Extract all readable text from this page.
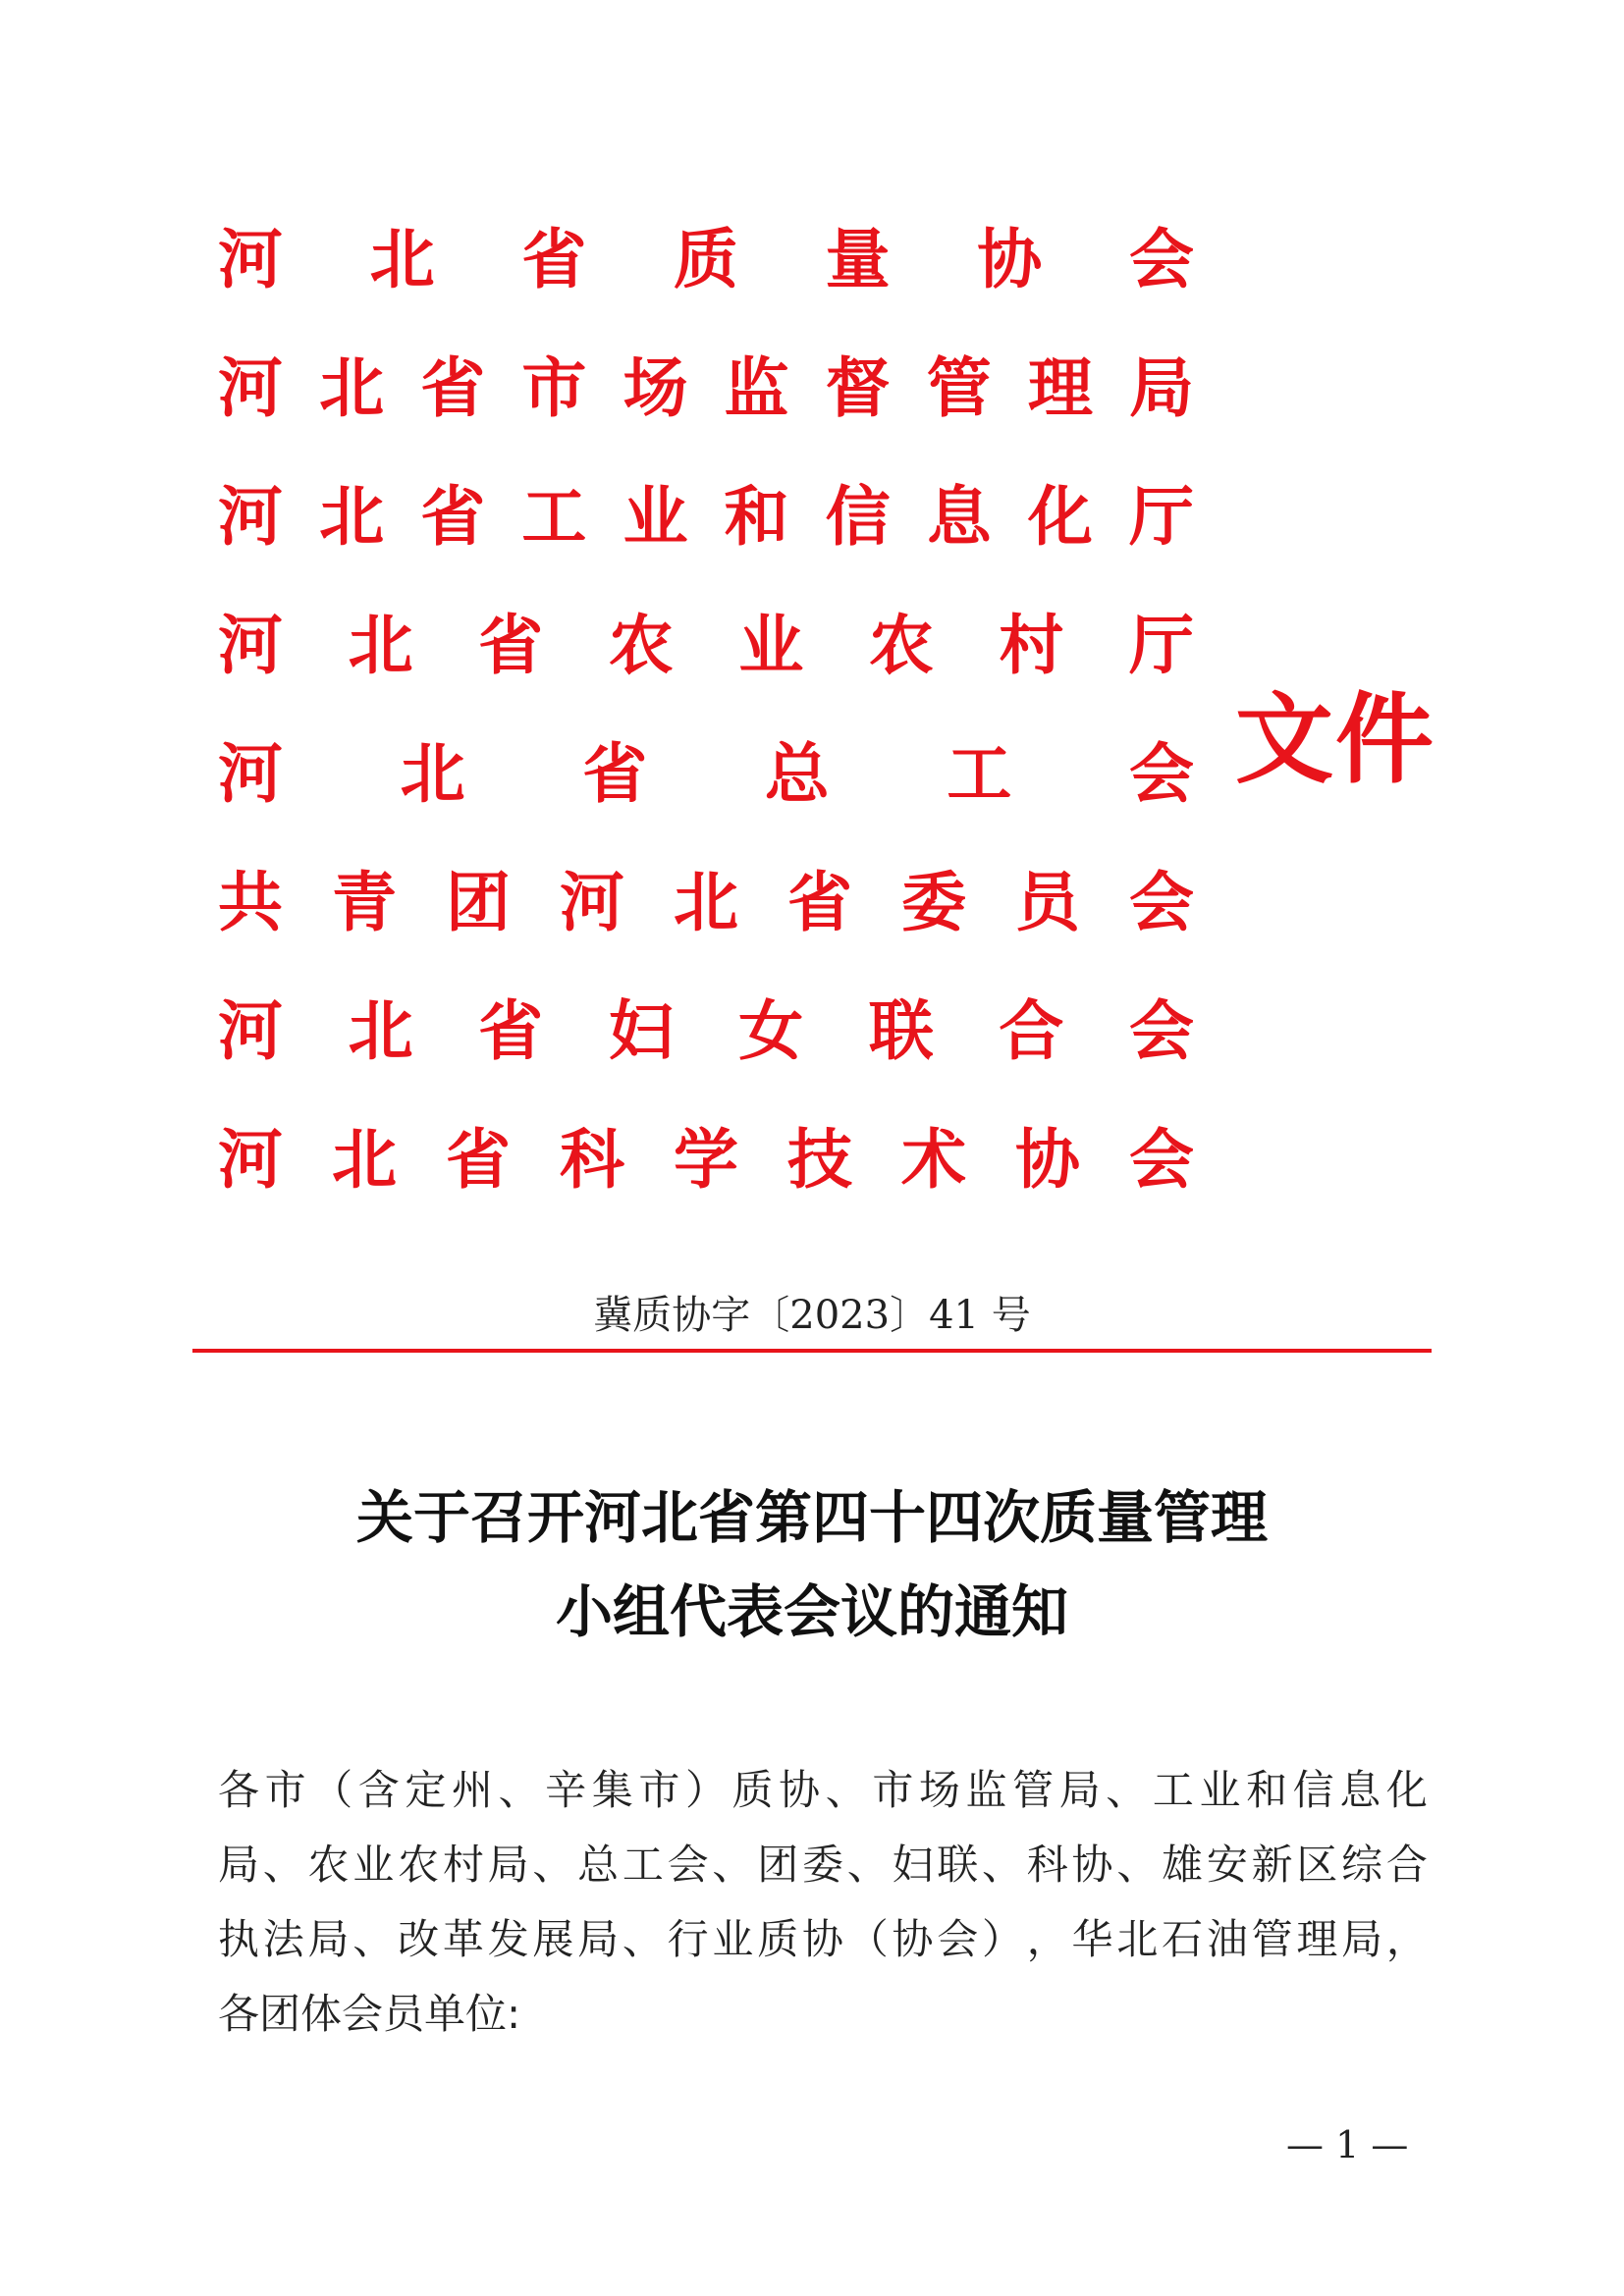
河 北 省 质 量 协 会
河 北 省 市 场 监 督 管 理 局
河 北 省 工 业 和 信 息 化 厅
河 北 省 农 业 农 村 厅
河 北 省 总 工 会
共 青 团 河 北 省 委 员 会
河 北 省 妇 女 联 合 会
河 北 省 科 学 技 术 协 会
文件
冀质协字〔2023〕41 号
关于召开河北省第四十四次质量管理
小组代表会议的通知
各 市 （ 含 定 州 、 辛 集 市 ） 质 协 、 市 场 监 管 局 、 工 业 和 信 息 化
局 、 农 业 农 村 局 、 总 工 会 、 团 委 、 妇 联 、 科 协 、 雄 安 新 区 综 合
执 法 局 、 改 革 发 展 局 、 行 业 质 协 （ 协 会 ） ， 华 北 石 油 管 理 局 ，
各团体会员单位:
— 1 —
